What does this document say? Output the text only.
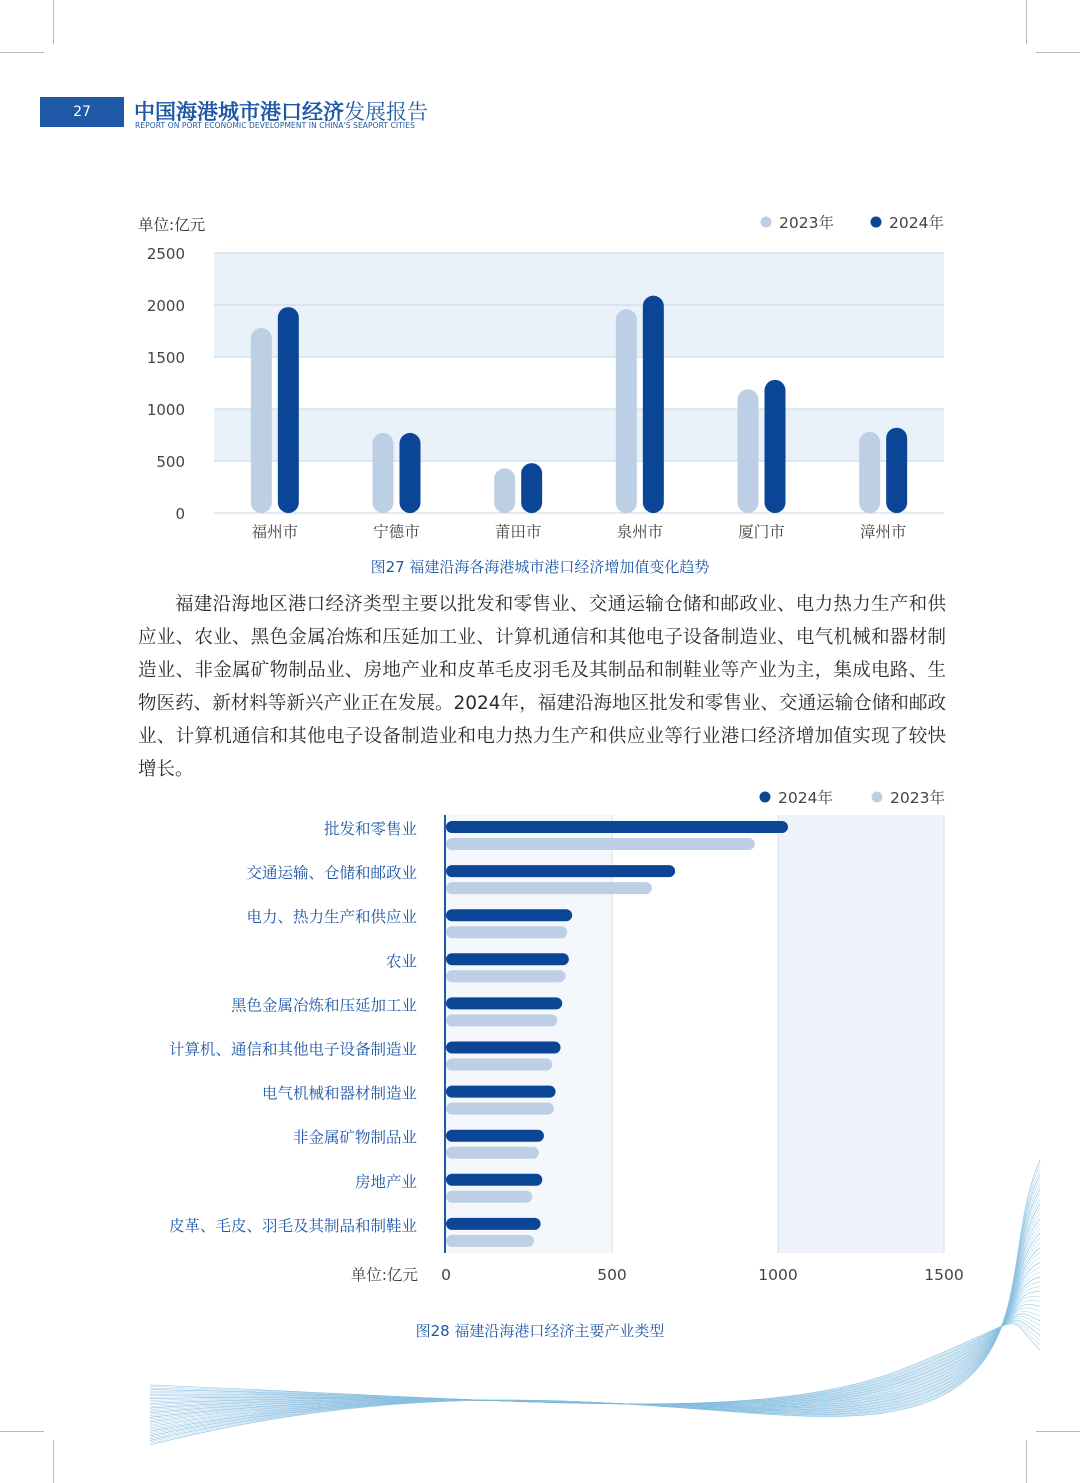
27	中国海港城市港口经济发展报告
REPORT ON PORT ECONOMIC DEVELOPMENT IN CHINA'S SEAPORT CITIES
0
500
1000
1500
2000
2500
单位:亿元
福州市	宁德市	莆田市	泉州市	厦门市	漳州市
2023年	2024年
图27 福建沿海各海港城市港口经济增加值变化趋势
福建沿海地区港口经济类型主要以批发和零售业、交通运输仓储和邮政业、电力热力生产和供应业、农业、黑色金属冶炼和压延加工业、计算机通信和其他电子设备制造业、电气机械和器材制造业、非金属矿物制品业、房地产业和皮革毛皮羽毛及其制品和制鞋业等产业为主，集成电路、生物医药、新材料等新兴产业正在发展。2024年，福建沿海地区批发和零售业、交通运输仓储和邮政业、计算机通信和其他电子设备制造业和电力热力生产和供应业等行业港口经济增加值实现了较快增长。
0	500	1000	1500
单位:亿元
批发和零售业
交通运输、仓储和邮政业
电力、热力生产和供应业
农业
黑色金属冶炼和压延加工业
计算机、通信和其他电子设备制造业
电气机械和器材制造业
非金属矿物制品业
房地产业
皮革、毛皮、羽毛及其制品和制鞋业
2024年	2023年
图28 福建沿海港口经济主要产业类型
